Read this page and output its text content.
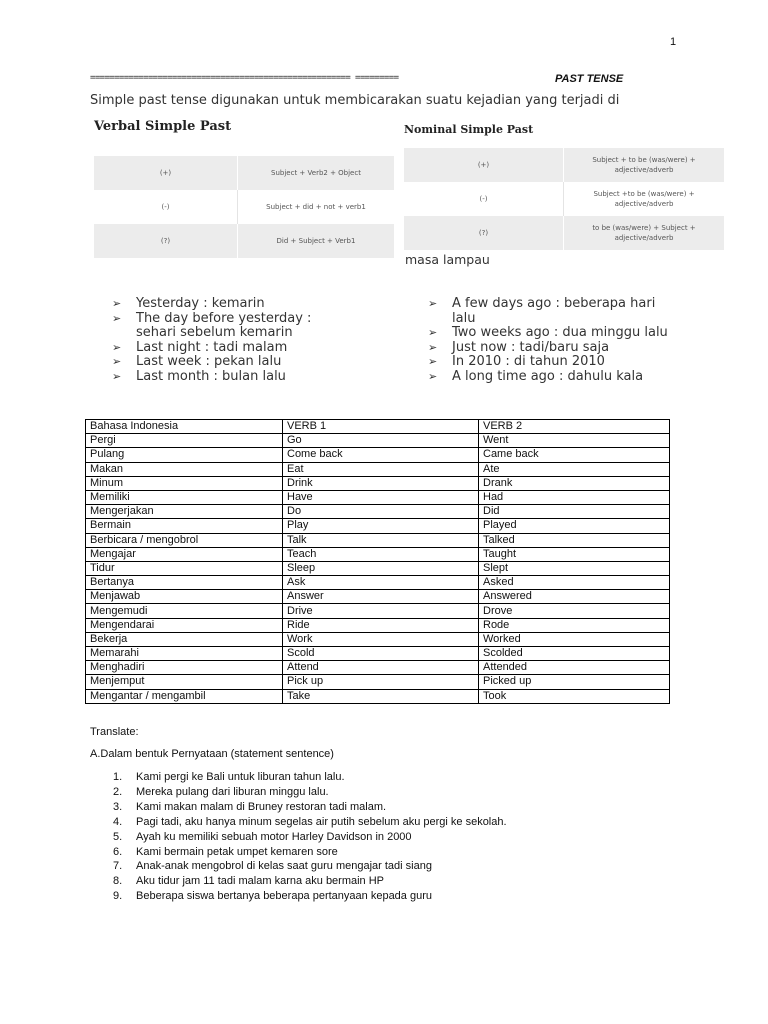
1
====================================================== =========	PAST TENSE
Simple past tense digunakan untuk membicarakan suatu kejadian yang terjadi di
Verbal Simple Past
(+)	Subject + Verb2 + Object
(-)	Subject + did + not + verb1
(?)	Did + Subject + Verb1
Nominal Simple Past
(+)	Subject + to be (was/were) +
adjective/adverb
(-)	Subject +to be (was/were) +
adjective/adverb
(?)	to be (was/were) + Subject +
adjective/adverb
masa lampau
➢ Yesterday : kemarin
➢ The day before yesterday : sehari sebelum kemarin
➢ Last night : tadi malam
➢ Last week : pekan lalu
➢ Last month : bulan lalu
➢ A few days ago : beberapa hari lalu
➢ Two weeks ago : dua minggu lalu
➢ Just now : tadi/baru saja
➢ In 2010 : di tahun 2010
➢ A long time ago : dahulu kala
Bahasa Indonesia	VERB 1	VERB 2
Pergi	Go	Went
Pulang	Come back	Came back
Makan	Eat	Ate
Minum	Drink	Drank
Memiliki	Have	Had
Mengerjakan	Do	Did
Bermain	Play	Played
Berbicara / mengobrol	Talk	Talked
Mengajar	Teach	Taught
Tidur	Sleep	Slept
Bertanya	Ask	Asked
Menjawab	Answer	Answered
Mengemudi	Drive	Drove
Mengendarai	Ride	Rode
Bekerja	Work	Worked
Memarahi	Scold	Scolded
Menghadiri	Attend	Attended
Menjemput	Pick up	Picked up
Mengantar / mengambil	Take	Took
Translate:
A.Dalam bentuk Pernyataan (statement sentence)
1. Kami pergi ke Bali untuk liburan tahun lalu.
2. Mereka pulang dari liburan minggu lalu.
3. Kami makan malam di Bruney restoran tadi malam.
4. Pagi tadi, aku hanya minum segelas air putih sebelum aku pergi ke sekolah.
5. Ayah ku memiliki sebuah motor Harley Davidson in 2000
6. Kami bermain petak umpet kemaren sore
7. Anak-anak mengobrol di kelas saat guru mengajar tadi siang
8. Aku tidur jam 11 tadi malam karna aku bermain HP
9. Beberapa siswa bertanya beberapa pertanyaan kepada guru
